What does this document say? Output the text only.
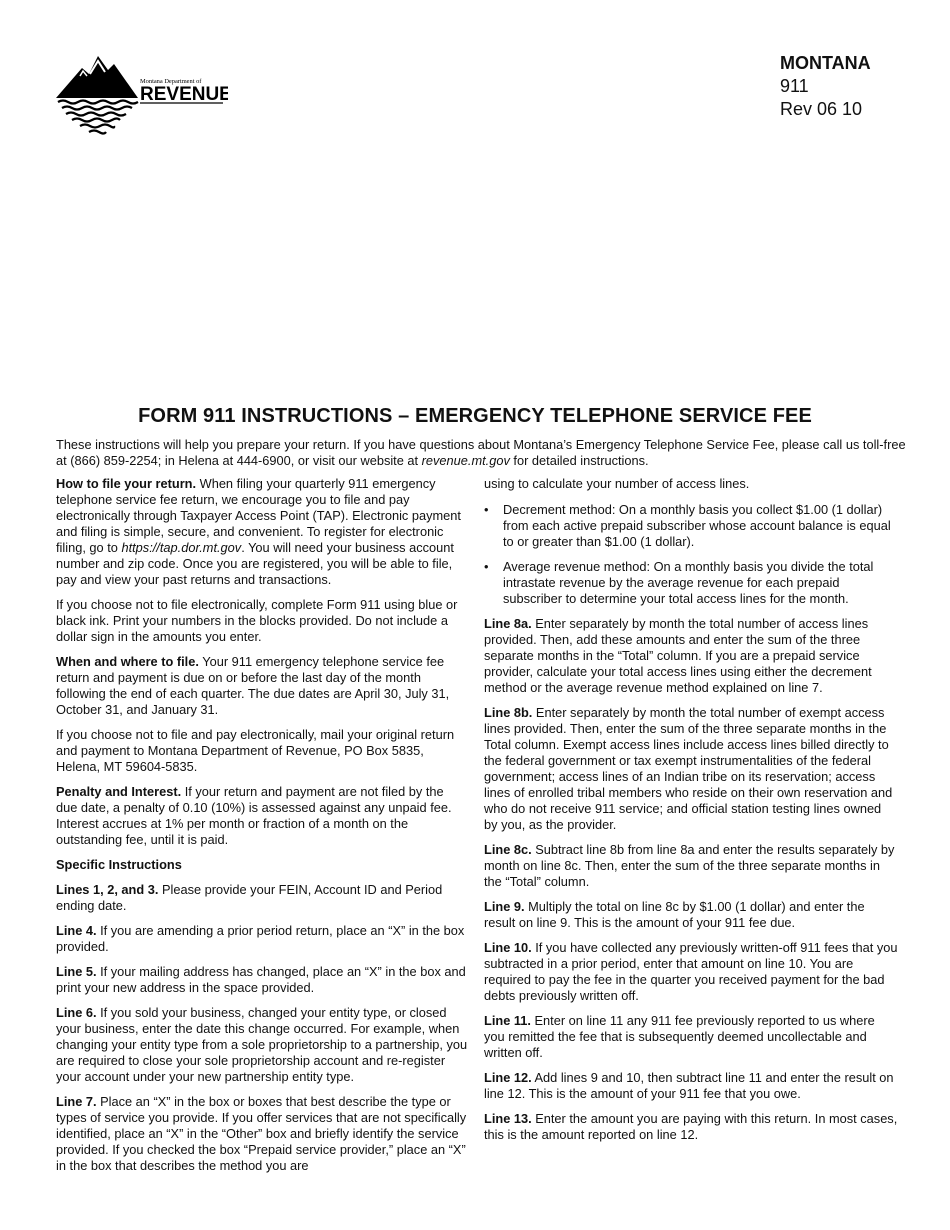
Montana Department of
REVENUE
MONTANA
911
Rev 06 10
FORM 911 INSTRUCTIONS – EMERGENCY TELEPHONE SERVICE FEE
These instructions will help you prepare your return. If you have questions about Montana’s Emergency Telephone Service Fee, please call us toll-free at (866) 859-2254; in Helena at 444-6900, or visit our website at revenue.mt.gov for detailed instructions.

How to file your return. When filing your quarterly 911 emergency telephone service fee return, we encourage you to file and pay electronically through Taxpayer Access Point (TAP). Electronic payment and filing is simple, secure, and convenient. To register for electronic filing, go to https://tap.dor.mt.gov. You will need your business account number and zip code. Once you are registered, you will be able to file, pay and view your past returns and transactions.

If you choose not to file electronically, complete Form 911 using blue or black ink. Print your numbers in the blocks provided. Do not include a dollar sign in the amounts you enter.

When and where to file. Your 911 emergency telephone service fee return and payment is due on or before the last day of the month following the end of each quarter. The due dates are April 30, July 31, October 31, and January 31.

If you choose not to file and pay electronically, mail your original return and payment to Montana Department of Revenue, PO Box 5835, Helena, MT 59604-5835.

Penalty and Interest. If your return and payment are not filed by the due date, a penalty of 0.10 (10%) is assessed against any unpaid fee. Interest accrues at 1% per month or fraction of a month on the outstanding fee, until it is paid.

Specific Instructions

Lines 1, 2, and 3. Please provide your FEIN, Account ID and Period ending date.

Line 4. If you are amending a prior period return, place an “X” in the box provided.

Line 5. If your mailing address has changed, place an “X” in the box and print your new address in the space provided.

Line 6. If you sold your business, changed your entity type, or closed your business, enter the date this change occurred. For example, when changing your entity type from a sole proprietorship to a partnership, you are required to close your sole proprietorship account and re-register your account under your new partnership entity type.

Line 7. Place an “X” in the box or boxes that best describe the type or types of service you provide. If you offer services that are not specifically identified, place an “X” in the “Other” box and briefly identify the service provided. If you checked the box “Prepaid service provider,” place an “X” in the box that describes the method you are

using to calculate your number of access lines.

• Decrement method: On a monthly basis you collect $1.00 (1 dollar) from each active prepaid subscriber whose account balance is equal to or greater than $1.00 (1 dollar).
• Average revenue method: On a monthly basis you divide the total intrastate revenue by the average revenue for each prepaid subscriber to determine your total access lines for the month.

Line 8a. Enter separately by month the total number of access lines provided. Then, add these amounts and enter the sum of the three separate months in the “Total” column. If you are a prepaid service provider, calculate your total access lines using either the decrement method or the average revenue method explained on line 7.

Line 8b. Enter separately by month the total number of exempt access lines provided. Then, enter the sum of the three separate months in the Total column. Exempt access lines include access lines billed directly to the federal government or tax exempt instrumentalities of the federal government; access lines of an Indian tribe on its reservation; access lines of enrolled tribal members who reside on their own reservation and who do not receive 911 service; and official station testing lines owned by you, as the provider.

Line 8c. Subtract line 8b from line 8a and enter the results separately by month on line 8c. Then, enter the sum of the three separate months in the “Total” column.

Line 9. Multiply the total on line 8c by $1.00 (1 dollar) and enter the result on line 9. This is the amount of your 911 fee due.

Line 10. If you have collected any previously written-off 911 fees that you subtracted in a prior period, enter that amount on line 10. You are required to pay the fee in the quarter you received payment for the bad debts previously written off.

Line 11. Enter on line 11 any 911 fee previously reported to us where you remitted the fee that is subsequently deemed uncollectable and written off.

Line 12. Add lines 9 and 10, then subtract line 11 and enter the result on line 12. This is the amount of your 911 fee that you owe.

Line 13. Enter the amount you are paying with this return. In most cases, this is the amount reported on line 12.
